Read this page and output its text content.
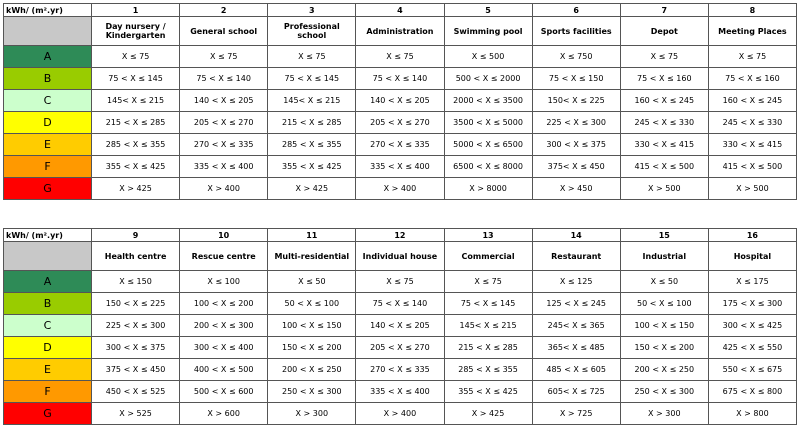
kWh/ (m².yr)	1	2	3	4	5	6	7	8
	Day nursery / Kindergarten	General school	Professional school	Administration	Swimming pool	Sports facilities	Depot	Meeting Places
A	X ≤ 75	X ≤ 75	X ≤ 75	X ≤ 75	X ≤ 500	X ≤ 750	X ≤ 75	X ≤ 75
B	75 < X ≤ 145	75 < X ≤ 140	75 < X ≤ 145	75 < X ≤ 140	500 < X ≤ 2000	75 < X ≤ 150	75 < X ≤ 160	75 < X ≤ 160
C	145< X ≤ 215	140 < X ≤ 205	145< X ≤ 215	140 < X ≤ 205	2000 < X ≤ 3500	150< X ≤ 225	160 < X ≤ 245	160 < X ≤ 245
D	215 < X ≤ 285	205 < X ≤ 270	215 < X ≤ 285	205 < X ≤ 270	3500 < X ≤ 5000	225 < X ≤ 300	245 < X ≤ 330	245 < X ≤ 330
E	285 < X ≤ 355	270 < X ≤ 335	285 < X ≤ 355	270 < X ≤ 335	5000 < X ≤ 6500	300 < X ≤ 375	330 < X ≤ 415	330 < X ≤ 415
F	355 < X ≤ 425	335 < X ≤ 400	355 < X ≤ 425	335 < X ≤ 400	6500 < X ≤ 8000	375< X ≤ 450	415 < X ≤ 500	415 < X ≤ 500
G	X > 425	X > 400	X > 425	X > 400	X > 8000	X > 450	X > 500	X > 500
kWh/ (m².yr)	9	10	11	12	13	14	15	16
	Health centre	Rescue centre	Multi-residential	Individual house	Commercial	Restaurant	Industrial	Hospital
A	X ≤ 150	X ≤ 100	X ≤ 50	X ≤ 75	X ≤ 75	X ≤ 125	X ≤ 50	X ≤ 175
B	150 < X ≤ 225	100 < X ≤ 200	50 < X ≤ 100	75 < X ≤ 140	75 < X ≤ 145	125 < X ≤ 245	50 < X ≤ 100	175 < X ≤ 300
C	225 < X ≤ 300	200 < X ≤ 300	100 < X ≤ 150	140 < X ≤ 205	145< X ≤ 215	245< X ≤ 365	100 < X ≤ 150	300 < X ≤ 425
D	300 < X ≤ 375	300 < X ≤ 400	150 < X ≤ 200	205 < X ≤ 270	215 < X ≤ 285	365< X ≤ 485	150 < X ≤ 200	425 < X ≤ 550
E	375 < X ≤ 450	400 < X ≤ 500	200 < X ≤ 250	270 < X ≤ 335	285 < X ≤ 355	485 < X ≤ 605	200 < X ≤ 250	550 < X ≤ 675
F	450 < X ≤ 525	500 < X ≤ 600	250 < X ≤ 300	335 < X ≤ 400	355 < X ≤ 425	605< X ≤ 725	250 < X ≤ 300	675 < X ≤ 800
G	X > 525	X > 600	X > 300	X > 400	X > 425	X > 725	X > 300	X > 800
